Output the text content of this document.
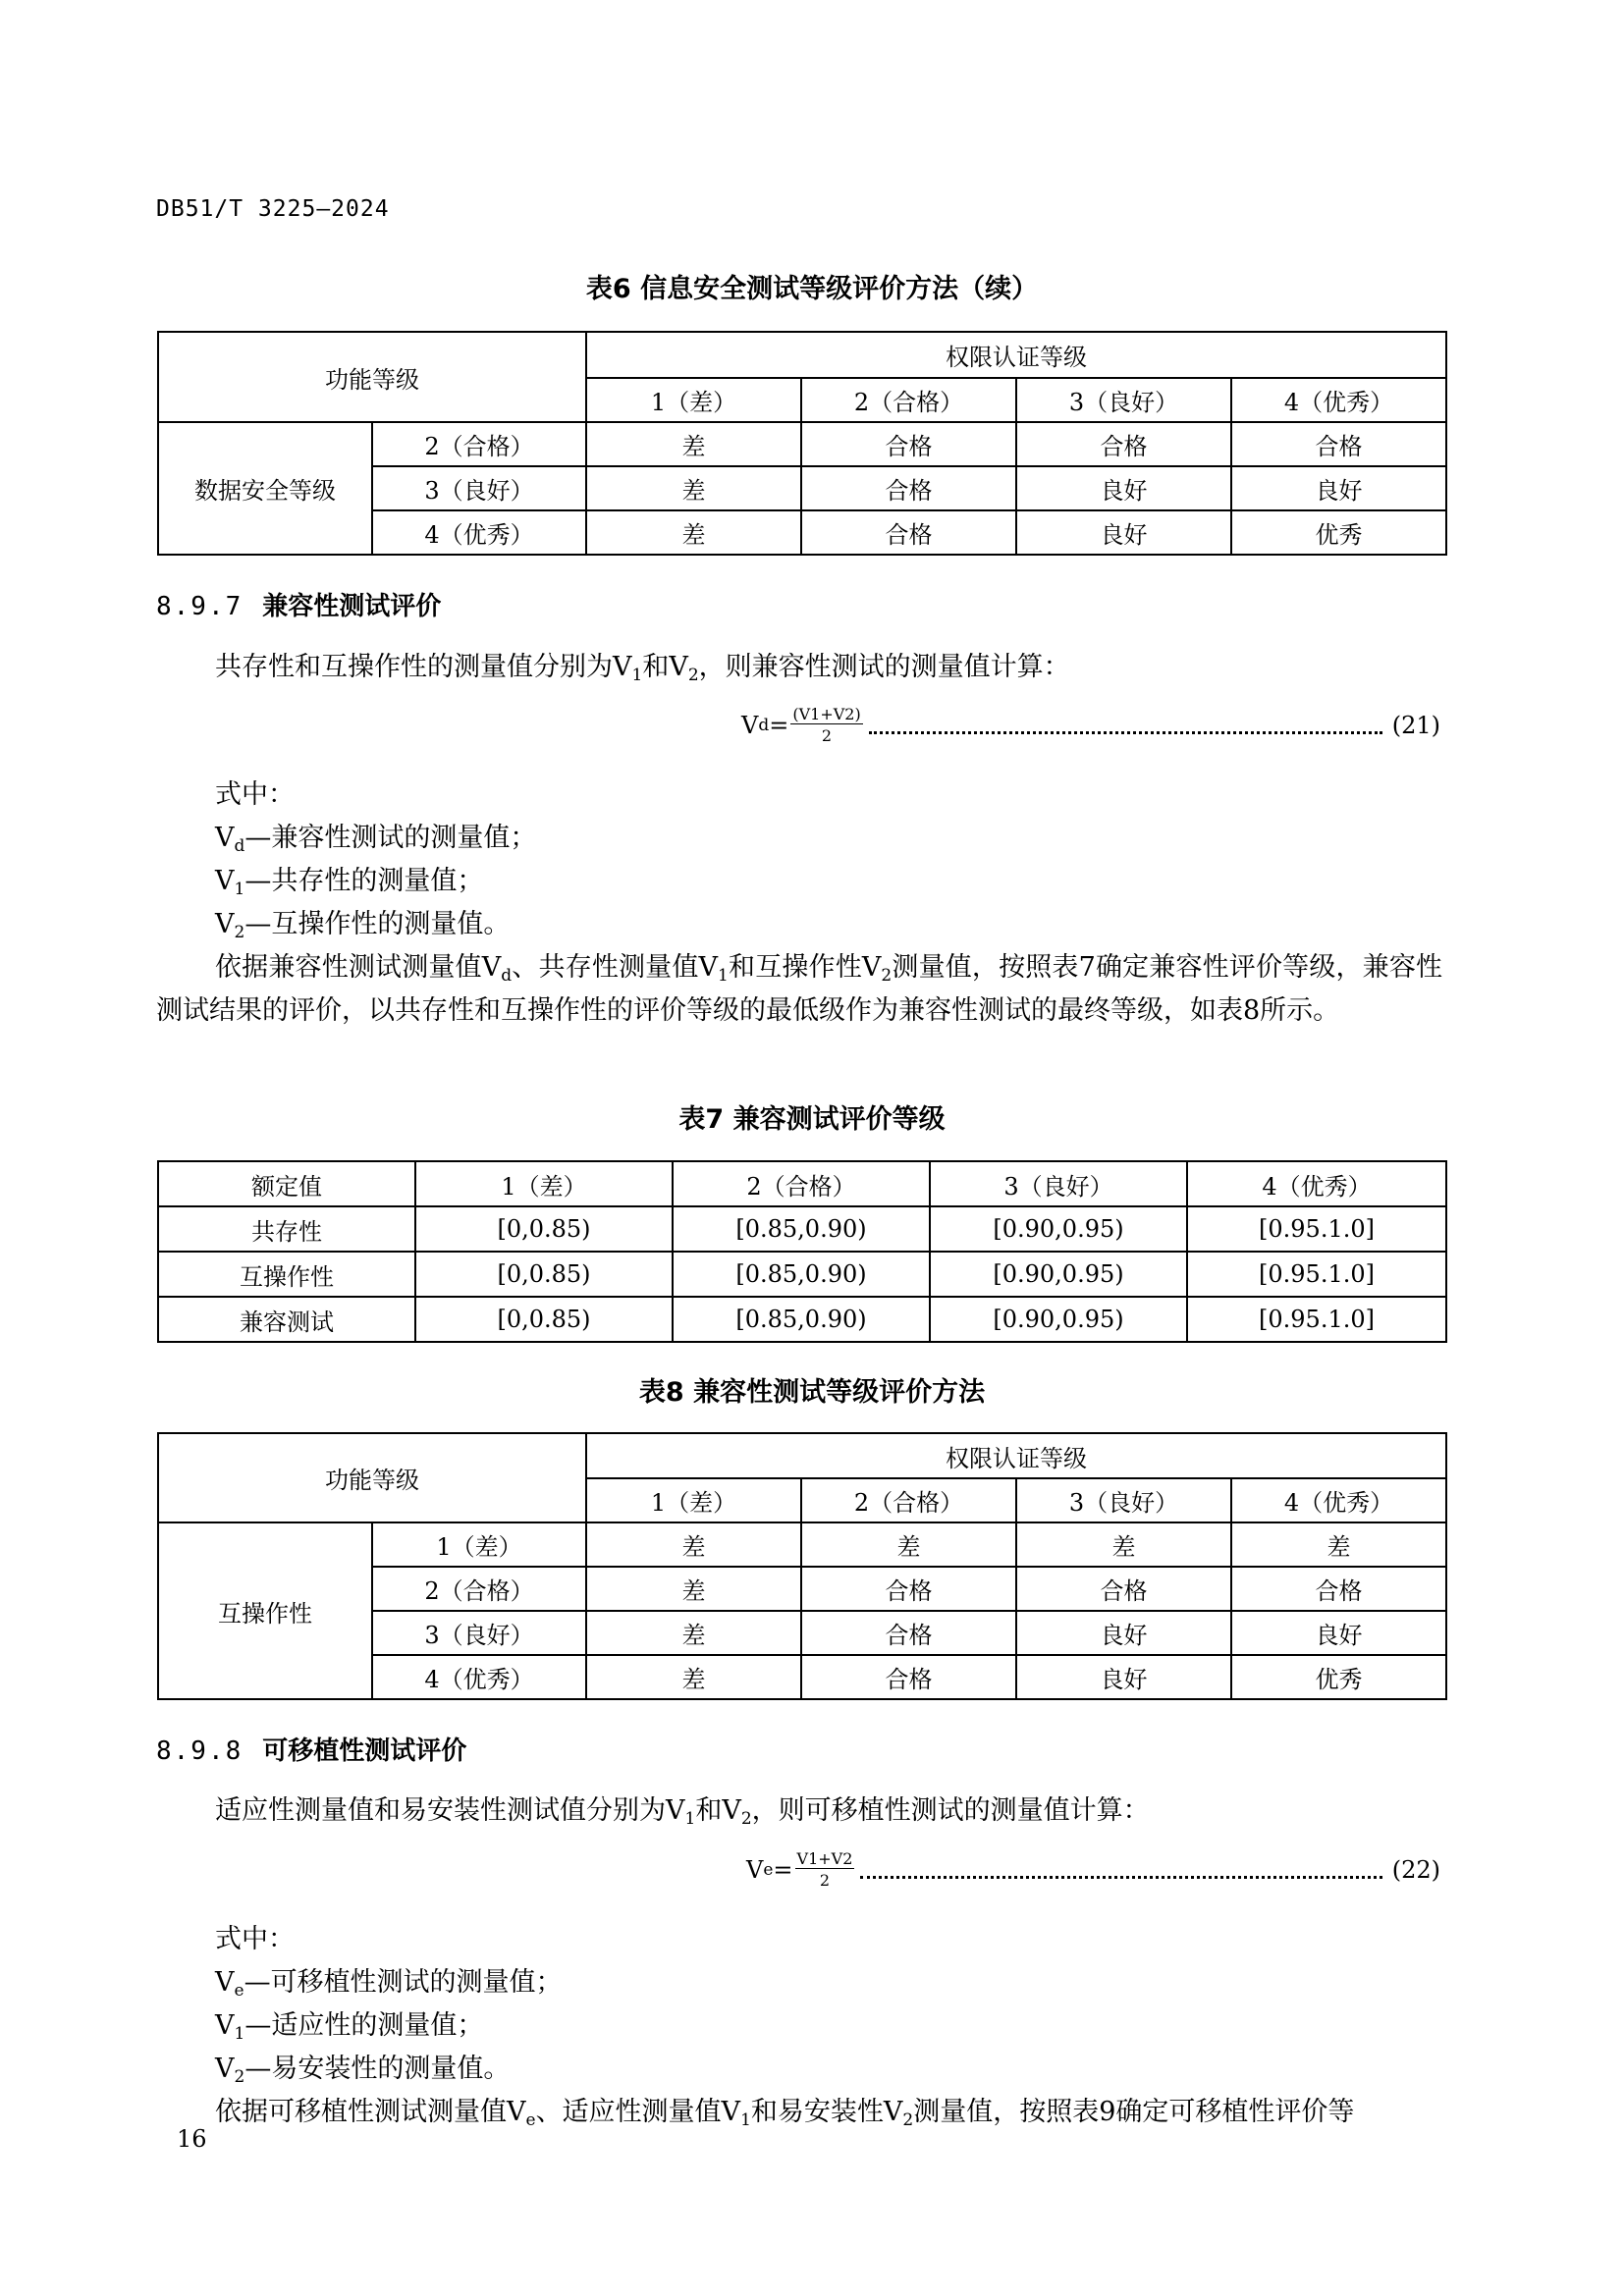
DB51/T 3225—2024
表6 信息安全测试等级评价方法（续）
功能等级		权限认证等级			
		1（差）	2（合格）	3（良好）	4（优秀）
数据安全等级	2（合格）	差	合格	合格	合格
	3（良好）	差	合格	良好	良好
	4（优秀）	差	合格	良好	优秀
8.9.7 兼容性测试评价
共存性和互操作性的测量值分别为$V_1$和$V_2$，则兼容性测试的测量值计算：
V $d = \frac{(V1+V2)}{2}$	(21)
式中：
$V_d—$兼容性测试的测量值；
$V_1—$共存性的测量值；
$V_2—$互操作性的测量值。
依据兼容性测试测量值$V_d$、共存性测量值$V_1$和互操作性$V_2$测量值，按照表7确定兼容性评价等级，兼容性测试结果的评价，以共存性和互操作性的评价等级的最低级作为兼容性测试的最终等级，如表8所示。
表7 兼容测试评价等级
额定值	1（差）	2（合格）	3（良好）	4（优秀）
共存性	[0,0.85)	[0.85,0.90)	[0.90,0.95)	[0.95.1.0]
互操作性	[0,0.85)	[0.85,0.90)	[0.90,0.95)	[0.95.1.0]
兼容测试	[0,0.85)	[0.85,0.90)	[0.90,0.95)	[0.95.1.0]
表8 兼容性测试等级评价方法
功能等级		权限认证等级			
		1（差）	2（合格）	3（良好）	4（优秀）
互操作性	1（差）	差	差	差	差
	2（合格）	差	合格	合格	合格
	3（良好）	差	合格	良好	良好
	4（优秀）	差	合格	良好	优秀
8.9.8 可移植性测试评价
适应性测量值和易安装性测试值分别为$V_1$和$V_2$，则可移植性测试的测量值计算：
V $e = \frac{V1+V2}{2}$	(22)
式中：
$V_e—$可移植性测试的测量值；
$V_1—$适应性的测量值；
$V_2—$易安装性的测量值。
依据可移植性测试测量值$V_e$、适应性测量值$V_1$和易安装性$V_2$测量值，按照表9确定可移植性评价等
16
